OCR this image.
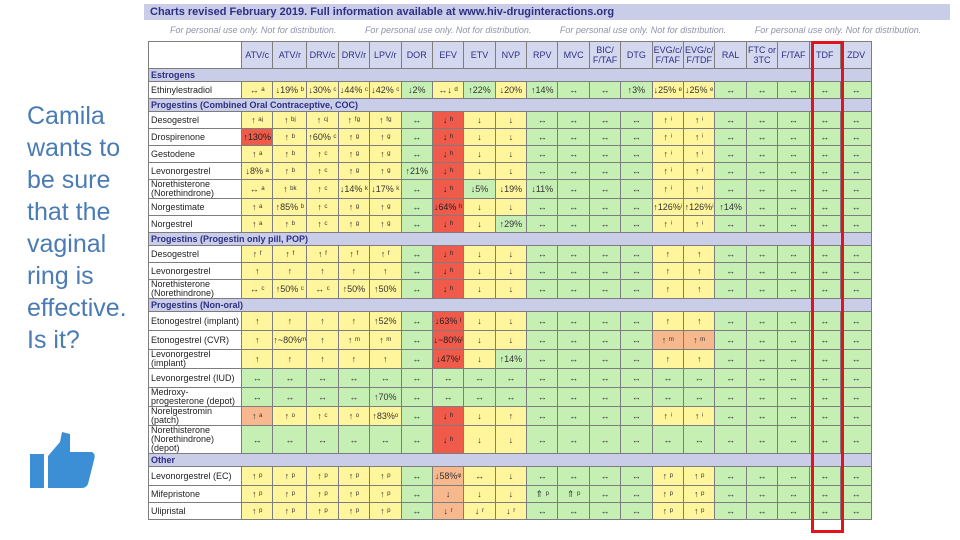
Camila wants to be sure that the vaginal ring is effective. Is it?
Charts revised February 2019. Full information available at www.hiv-druginteractions.org
For personal use only. Not for distribution.	For personal use only. Not for distribution.	For personal use only. Not for distribution.	For personal use only. Not for distribution.
	ATV/c	ATV/r	DRV/c	DRV/r	LPV/r	DOR	EFV	ETV	NVP	RPV	MVC	BIC/ F/TAF	DTG	EVG/c/ F/TAF	EVG/c/ F/TDF	RAL	FTC or 3TC	F/TAF	TDF	ZDV
Estrogens																				
Ethinylestradiol	↔ ᵃ	↓19% ᵇ	↓30% ᶜ	↓44% ᶜ	↓42% ᶜ	↓2%	↔↓ ᵈ	↑22%	↓20%	↑14%	↔	↔	↑3%	↓25% ᵉ	↓25% ᵉ	↔	↔	↔	↔	↔
Progestins (Combined Oral Contraceptive, COC)																				
Desogestrel	↑ ᵃʲ	↑ ᵇʲ	↑ ᶜʲ	↑ ᶠᵍ	↑ ᶠᵍ	↔	↓ ʰ	↓	↓	↔	↔	↔	↔	↑ ⁱ	↑ ⁱ	↔	↔	↔	↔	↔
Drospirenone	↑130%	↑ ᵇ	↑60% ᶜ	↑ ᵍ	↑ ᵍ	↔	↓ ʰ	↓	↓	↔	↔	↔	↔	↑ ⁱ	↑ ⁱ	↔	↔	↔	↔	↔
Gestodene	↑ ᵃ	↑ ᵇ	↑ ᶜ	↑ ᵍ	↑ ᵍ	↔	↓ ʰ	↓	↓	↔	↔	↔	↔	↑ ⁱ	↑ ⁱ	↔	↔	↔	↔	↔
Levonorgestrel	↓8% ᵃ	↑ ᵇ	↑ ᶜ	↑ ᵍ	↑ ᵍ	↑21%	↓ ʰ	↓	↓	↔	↔	↔	↔	↑ ⁱ	↑ ⁱ	↔	↔	↔	↔	↔
Norethisterone (Norethindrone)	↔ ᵃ	↑ ᵇᵏ	↑ ᶜ	↓14% ᵏ	↓17% ᵏ	↔	↓ ʰ	↓5%	↓19%	↓11%	↔	↔	↔	↑ ⁱ	↑ ⁱ	↔	↔	↔	↔	↔
Norgestimate	↑ ᵃ	↑85% ᵇ	↑ ᶜ	↑ ᵍ	↑ ᵍ	↔	↓64% ʰ	↓	↓	↔	↔	↔	↔	↑126%ⁱ	↑126%ⁱ	↑14%	↔	↔	↔	↔
Norgestrel	↑ ᵃ	↑ ᵇ	↑ ᶜ	↑ ᵍ	↑ ᵍ	↔	↓ ʰ	↓	↑29%	↔	↔	↔	↔	↑ ⁱ	↑ ⁱ	↔	↔	↔	↔	↔
Progestins (Progestin only pill, POP)																				
Desogestrel	↑ ᶠ	↑ ᶠ	↑ ᶠ	↑ ᶠ	↑ ᶠ	↔	↓ ʰ	↓	↓	↔	↔	↔	↔	↑	↑	↔	↔	↔	↔	↔
Levonorgestrel	↑	↑	↑	↑	↑	↔	↓ ʰ	↓	↓	↔	↔	↔	↔	↑	↑	↔	↔	↔	↔	↔
Norethisterone (Norethindrone)	↔ ᶜ	↑50% ᶜ	↔ ᶜ	↑50%	↑50%	↔	↓ ʰ	↓	↓	↔	↔	↔	↔	↑	↑	↔	↔	↔	↔	↔
Progestins (Non-oral)																				
Etonogestrel (implant)	↑	↑	↑	↑	↑52%	↔	↓63% ˡ	↓	↓	↔	↔	↔	↔	↑	↑	↔	↔	↔	↔	↔
Etonogestrel (CVR)	↑	↑~80%ᵐ	↑	↑ ᵐ	↑ ᵐ	↔	↓~80%ˡ	↓	↓	↔	↔	↔	↔	↑ ᵐ	↑ ᵐ	↔	↔	↔	↔	↔
Levonorgestrel (implant)	↑	↑	↑	↑	↑	↔	↓47%ˡ	↓	↑14%	↔	↔	↔	↔	↑	↑	↔	↔	↔	↔	↔
Levonorgestrel (IUD)	↔	↔	↔	↔	↔	↔	↔	↔	↔	↔	↔	↔	↔	↔	↔	↔	↔	↔	↔	↔
Medroxy-progesterone (depot)	↔	↔	↔	↔	↑70%	↔	↔	↔	↔	↔	↔	↔	↔	↔	↔	↔	↔	↔	↔	↔
Norelgestromin (patch)	↑ ᵃ	↑ ᵒ	↑ ᶜ	↑ ᵒ	↑83%ᵒ	↔	↓ ʰ	↓	↑	↔	↔	↔	↔	↑ ⁱ	↑ ⁱ	↔	↔	↔	↔	↔
Norethisterone (Norethindrone) (depot)	↔	↔	↔	↔	↔	↔	↓ ʰ	↓	↓	↔	↔	↔	↔	↔	↔	↔	↔	↔	↔	↔
Other																				
Levonorgestrel (EC)	↑ ᵖ	↑ ᵖ	↑ ᵖ	↑ ᵖ	↑ ᵖ	↔	↓58%ᵠ	↔	↓	↔	↔	↔	↔	↑ ᵖ	↑ ᵖ	↔	↔	↔	↔	↔
Mifepristone	↑ ᵖ	↑ ᵖ	↑ ᵖ	↑ ᵖ	↑ ᵖ	↔	↓	↓	↓	⇑ ᵖ	⇑ ᵖ	↔	↔	↑ ᵖ	↑ ᵖ	↔	↔	↔	↔	↔
Ulipristal	↑ ᵖ	↑ ᵖ	↑ ᵖ	↑ ᵖ	↑ ᵖ	↔	↓ ʳ	↓ ʳ	↓ ʳ	↔	↔	↔	↔	↑ ᵖ	↑ ᵖ	↔	↔	↔	↔	↔
